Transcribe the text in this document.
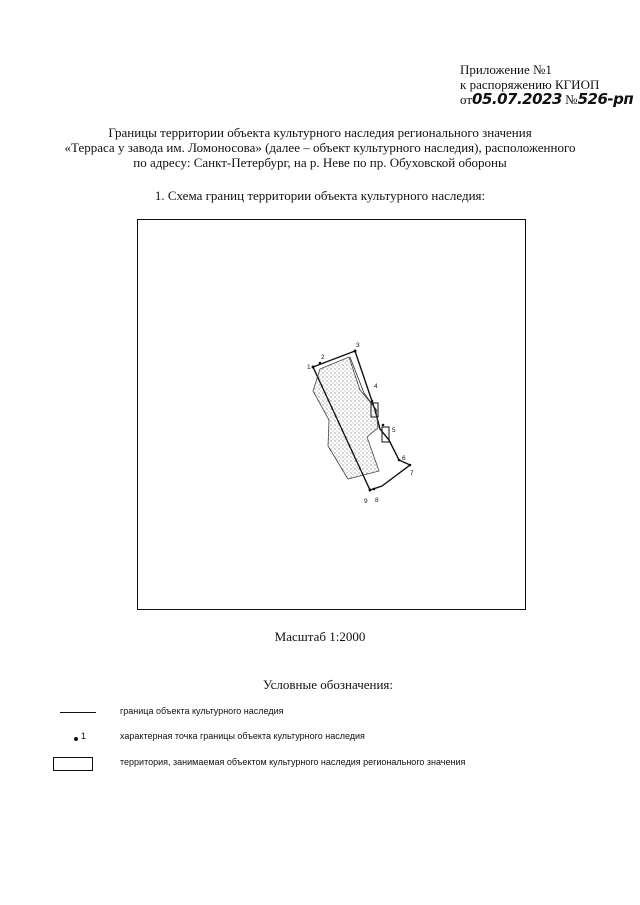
Приложение №1
к распоряжению КГИОП
от05.07.2023 №526-рп
Границы территории объекта культурного наследия регионального значения
«Терраса у завода им. Ломоносова» (далее – объект культурного наследия), расположенного
по адресу: Санкт-Петербург, на р. Неве по пр. Обуховской обороны
1. Схема границ территории объекта культурного наследия:
1
2
3
4
5
6
7
8
9
Масштаб 1:2000
Условные обозначения:
граница объекта культурного наследия
1	характерная точка границы объекта культурного наследия
территория, занимаемая объектом культурного наследия регионального значения
